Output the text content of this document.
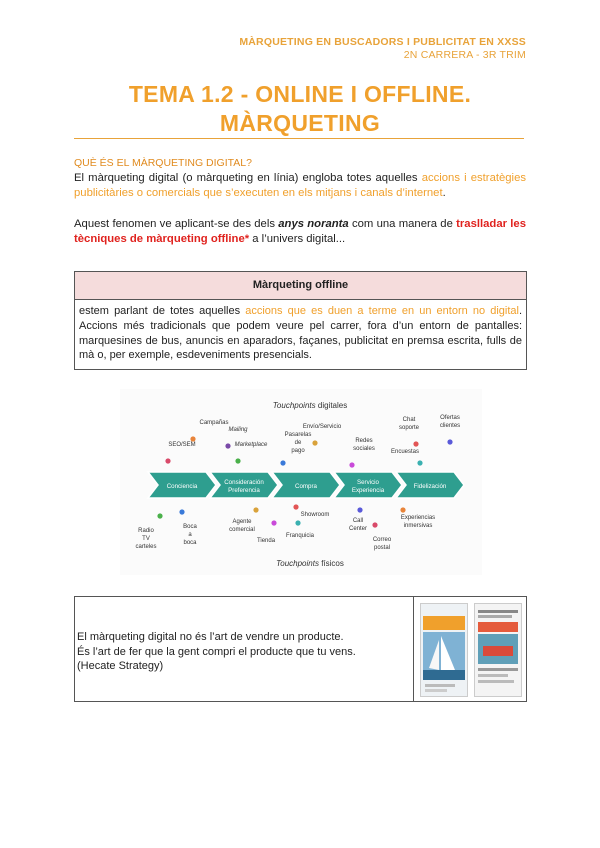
MÀRQUETING EN BUSCADORS I PUBLICITAT EN XXSS
2N CARRERA - 3R TRIM
TEMA 1.2 - ONLINE I OFFLINE.
MÀRQUETING
QUÈ ÉS EL MÀRQUETING DIGITAL?
El màrqueting digital (o màrqueting en línia) engloba totes aquelles accions i estratègies publicitàries o comercials que s’executen en els mitjans i canals d’internet.
Aquest fenomen ve aplicant-se des dels anys noranta com una manera de traslladar les tècniques de màrqueting offline* a l’univers digital...
Màrqueting offline
estem parlant de totes aquelles accions que es duen a terme en un entorn no digital. Accions més tradicionals que podem veure pel carrer, fora d’un entorn de pantalles: marquesines de bus, anuncis en aparadors, façanes, publicitat en premsa escrita, fulls de mà o, per exemple, esdeveniments presencials.
Touchpoints digitales
Touchpoints físicos
Conciencia
Consideración
Preferencia
Compra
Servicio
Experiencia
Fidelización
SEO/SEM
Campañas
Mailing
Marketplace
Pasarelas
de
pago
Envío/Servicio
Redes
sociales
Chat
soporte
Encuestas
Ofertas
clientes
Radio
TV
carteles
Boca
a
boca
Agente
comercial
Tienda
Showroom
Franquicia
Call
Center
Correo
postal
Experiencias
inmersivas
El màrqueting digital no és l’art de vendre un producte.
És l’art de fer que la gent compri el producte que tu vens.
(Hecate Strategy)
